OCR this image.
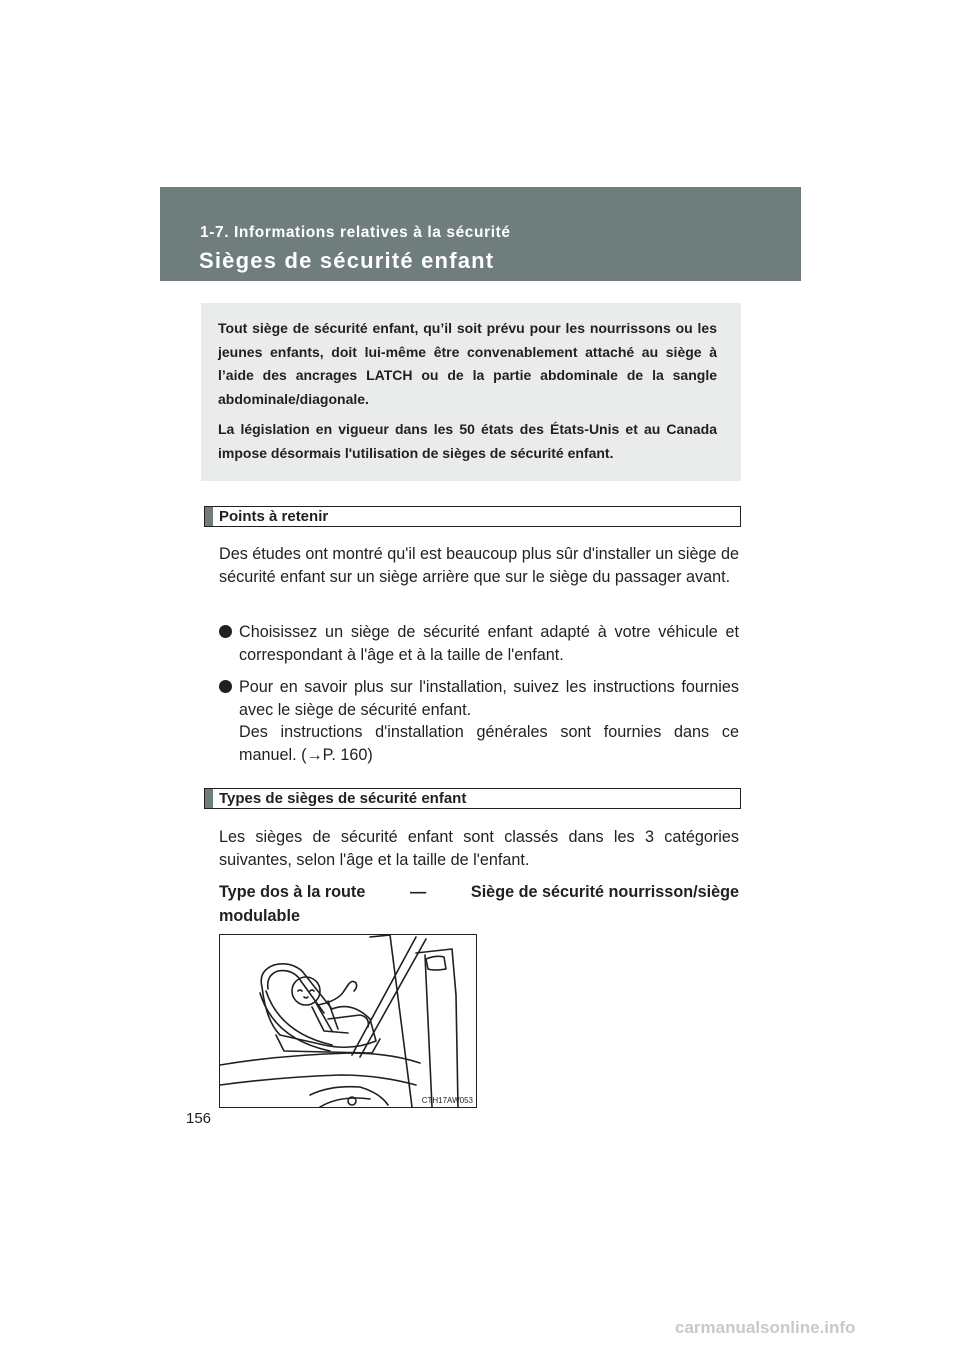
1-7. Informations relatives à la sécurité

Sièges de sécurité enfant

Tout siège de sécurité enfant, qu’il soit prévu pour les nourrissons ou les jeunes enfants, doit lui-même être convenablement attaché au siège à l’aide des ancrages LATCH ou de la partie abdominale de la sangle abdominale/diagonale.

La législation en vigueur dans les 50 états des États-Unis et au Canada impose désormais l'utilisation de sièges de sécurité enfant.

Points à retenir

Des études ont montré qu'il est beaucoup plus sûr d'installer un siège de sécurité enfant sur un siège arrière que sur le siège du passager avant.

Choisissez un siège de sécurité enfant adapté à votre véhicule et correspondant à l'âge et à la taille de l'enfant.
Pour en savoir plus sur l'installation, suivez les instructions fournies avec le siège de sécurité enfant.
Des instructions d'installation générales sont fournies dans ce manuel. (→P. 160)
Types de sièges de sécurité enfant

Les sièges de sécurité enfant sont classés dans les 3 catégories suivantes, selon l'âge et la taille de l'enfant.

Type dos à la route	—	Siège de sécurité nourrisson/siège
modulable
CTH17AW053

156

carmanualsonline.info
